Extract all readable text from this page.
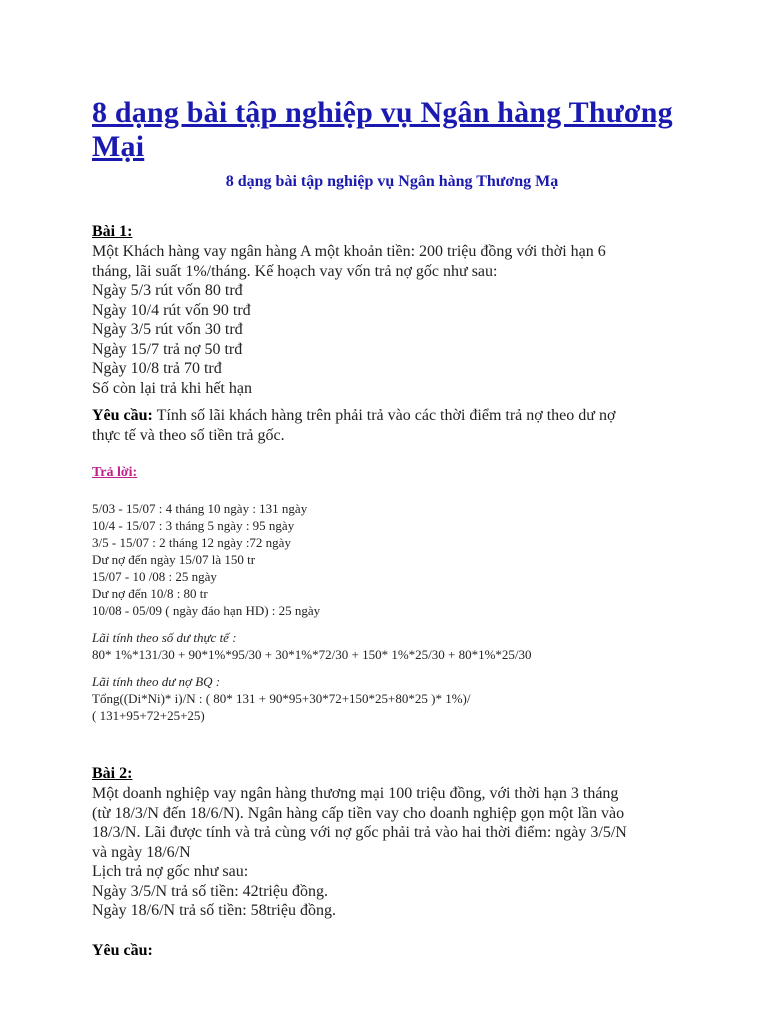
8 dạng bài tập nghiệp vụ Ngân hàng Thương Mại
8 dạng bài tập nghiệp vụ Ngân hàng Thương Mạ
Bài 1:
Một Khách hàng vay ngân hàng A một khoản tiền: 200 triệu đồng với thời hạn 6
tháng, lãi suất 1%/tháng. Kế hoạch vay vốn trả nợ gốc như sau:
Ngày 5/3 rút vốn 80 trđ
Ngày 10/4 rút vốn 90 trđ
Ngày 3/5 rút vốn 30 trđ
Ngày 15/7 trả nợ 50 trđ
Ngày 10/8 trả 70 trđ
Số còn lại trả khi hết hạn
Yêu cầu: Tính số lãi khách hàng trên phải trả vào các thời điểm trả nợ theo dư nợ
thực tế và theo số tiền trả gốc.
Trả lời:
5/03 - 15/07 : 4 tháng 10 ngày : 131 ngày
10/4 - 15/07 : 3 tháng 5 ngày : 95 ngày
3/5 - 15/07 : 2 tháng 12 ngày :72 ngày
Dư nợ đến ngày 15/07 là 150 tr
15/07 - 10 /08 : 25 ngày
Dư nợ đến 10/8 : 80 tr
10/08 - 05/09 ( ngày đáo hạn HD) : 25 ngày
Lãi tính theo số dư thực tế :
80* 1%*131/30 + 90*1%*95/30 + 30*1%*72/30 + 150* 1%*25/30 + 80*1%*25/30
Lãi tính theo dư nợ BQ :
Tổng((Di*Ni)* i)/N : ( 80* 131 + 90*95+30*72+150*25+80*25 )* 1%)/
( 131+95+72+25+25)
Bài 2:
Một doanh nghiệp vay ngân hàng thương mại 100 triệu đồng, với thời hạn 3 tháng
(từ 18/3/N đến 18/6/N). Ngân hàng cấp tiền vay cho doanh nghiệp gọn một lần vào
18/3/N. Lãi được tính và trả cùng với nợ gốc phải trả vào hai thời điểm: ngày 3/5/N
và ngày 18/6/N
Lịch trả nợ gốc như sau:
Ngày 3/5/N trả số tiền: 42triệu đồng.
Ngày 18/6/N trả số tiền: 58triệu đồng.
Yêu cầu:
